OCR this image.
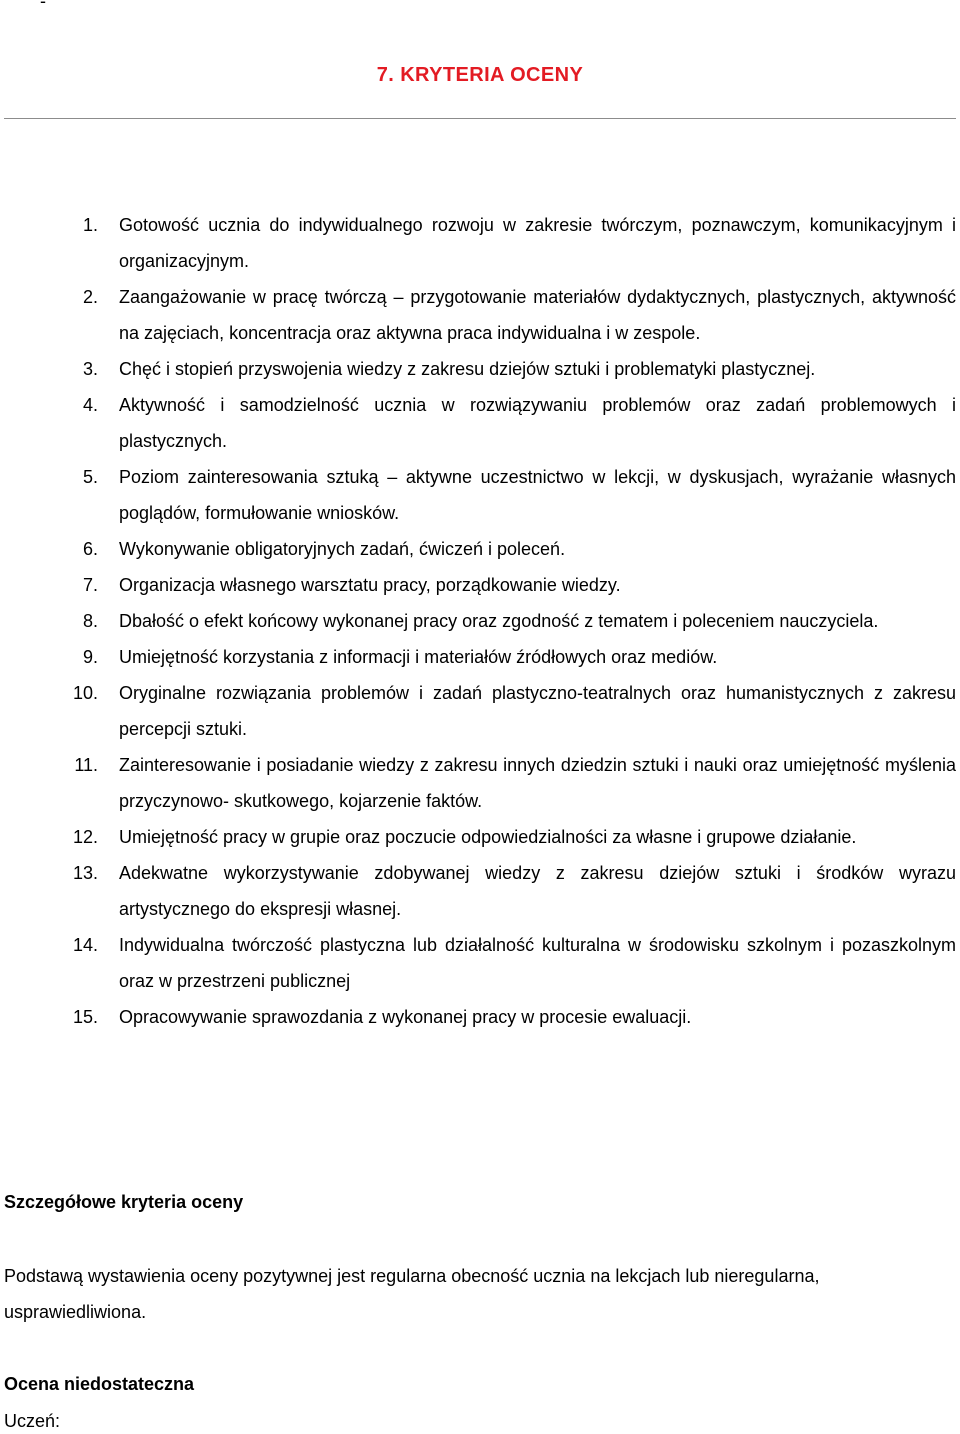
-
7. KRYTERIA OCENY
1. Gotowość ucznia do indywidualnego rozwoju w zakresie twórczym, poznawczym, komunikacyjnym i organizacyjnym.
2. Zaangażowanie w pracę twórczą – przygotowanie materiałów dydaktycznych, plastycznych, aktywność na zajęciach, koncentracja oraz aktywna praca indywidualna i w zespole.
3. Chęć i stopień przyswojenia wiedzy z zakresu dziejów sztuki i problematyki plastycznej.
4. Aktywność i samodzielność ucznia w rozwiązywaniu problemów oraz zadań problemowych i plastycznych.
5. Poziom zainteresowania sztuką – aktywne uczestnictwo w lekcji, w dyskusjach, wyrażanie własnych poglądów, formułowanie wniosków.
6. Wykonywanie obligatoryjnych zadań, ćwiczeń i poleceń.
7. Organizacja własnego warsztatu pracy, porządkowanie wiedzy.
8. Dbałość o efekt końcowy wykonanej pracy oraz zgodność z tematem i poleceniem nauczyciela.
9. Umiejętność korzystania z informacji i materiałów źródłowych oraz mediów.
10. Oryginalne rozwiązania problemów i zadań plastyczno-teatralnych oraz humanistycznych z zakresu percepcji sztuki.
11. Zainteresowanie i posiadanie wiedzy z zakresu innych dziedzin sztuki i nauki oraz umiejętność myślenia przyczynowo- skutkowego, kojarzenie faktów.
12. Umiejętność pracy w grupie oraz poczucie odpowiedzialności za własne i grupowe działanie.
13. Adekwatne wykorzystywanie zdobywanej wiedzy z zakresu dziejów sztuki i środków wyrazu artystycznego do ekspresji własnej.
14. Indywidualna twórczość plastyczna lub działalność kulturalna w środowisku szkolnym i pozaszkolnym oraz w przestrzeni publicznej
15. Opracowywanie sprawozdania z wykonanej pracy w procesie ewaluacji.
Szczegółowe kryteria oceny
Podstawą wystawienia oceny pozytywnej jest regularna obecność ucznia na lekcjach lub nieregularna, usprawiedliwiona.
Ocena niedostateczna
Uczeń:
